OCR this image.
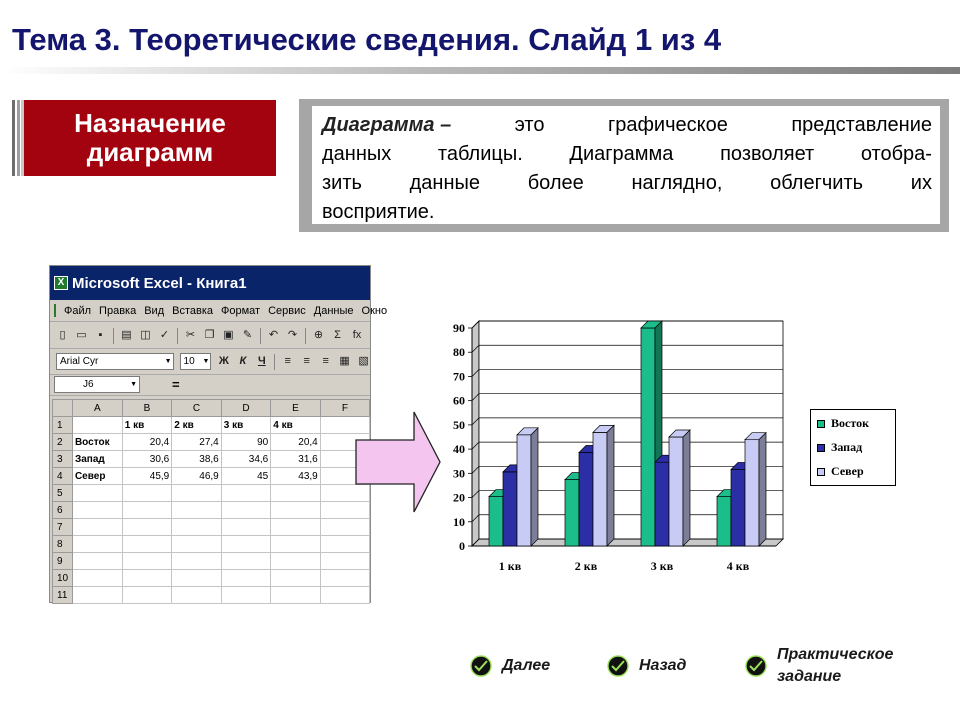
Тема 3. Теоретические сведения. Слайд 1 из 4
Назначение
диаграмм
Диаграмма –	это	графическое	представление
данных таблицы. Диаграмма позволяет отобра-
зить данные более наглядно, облегчить их
восприятие.
X Microsoft Excel - Книга1
Файл Правка Вид Вставка Формат Сервис Данные Окно
▯ ▭	▪	▤ ◫ ✓ ✂ ❐ ▣ ✎ ↶ ↷ ⊕ Σ fx
Arial Cyr	▼	10 ▼ Ж К Ч ≡ ≡ ≡ ▦ ▧
J6	▼	=
	A	B	C	D	E	F
1		1 кв	2 кв	3 кв	4 кв	
2	Восток	20,4	27,4	90	20,4	
3	Запад	30,6	38,6	34,6	31,6	
4	Север	45,9	46,9	45	43,9	
5						
6						
7						
8						
9						
10						
11						
0
10
20
30
40
50
60
70
80
90
1 кв	2 кв	3 кв	4 кв
Восток
Запад
Север
Далее	Назад
Практическое
задание
